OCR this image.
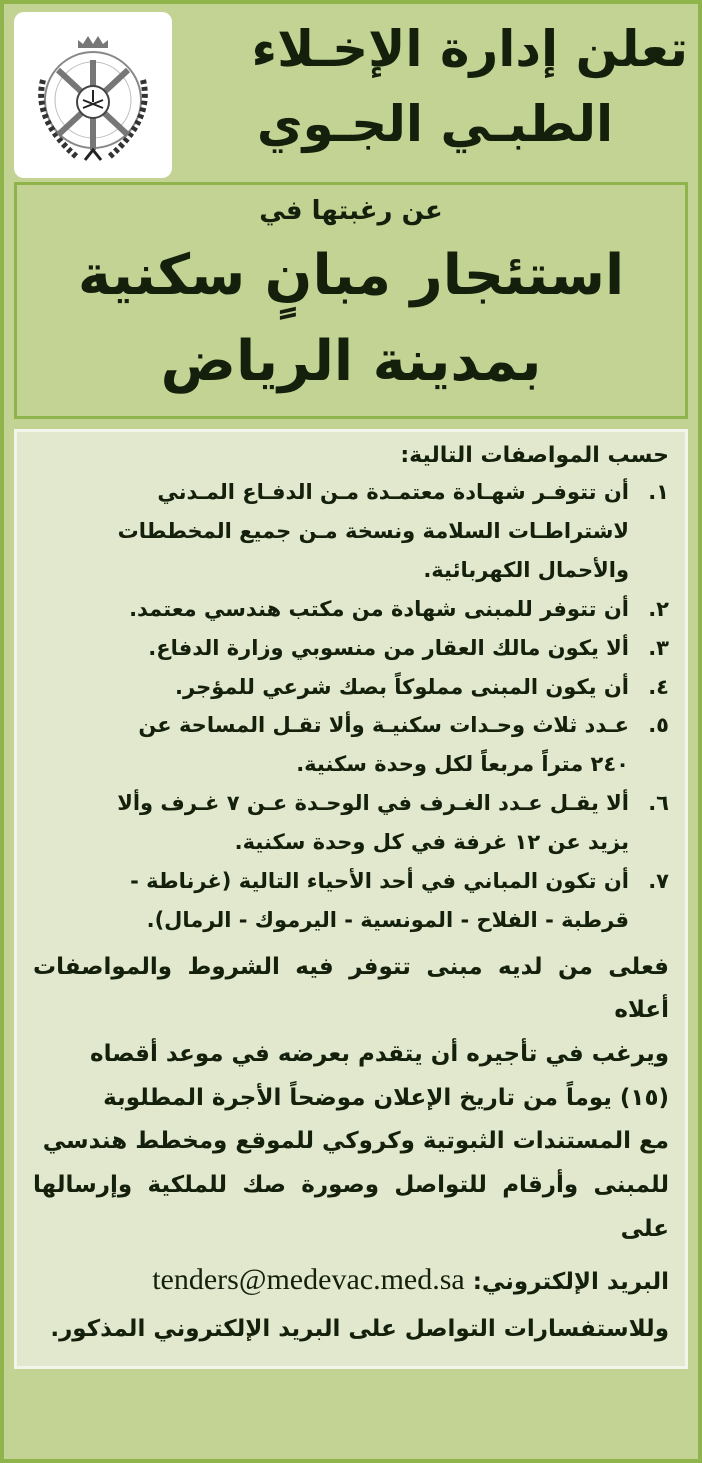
تعلن إدارة الإخـلاء
الطبـي الجـوي
عن رغبتها في
استئجار مبانٍ سكنية
بمدينة الرياض
حسب المواصفات التالية:
١.
أن تتوفـر شهـادة معتمـدة مـن الدفـاع المـدني
لاشتراطـات السلامة ونسخة مـن جميع المخططات
والأحمال الكهربائية.
٢.
أن تتوفر للمبنى شهادة من مكتب هندسي معتمد.
٣.
ألا يكون مالك العقار من منسوبي وزارة الدفاع.
٤.
أن يكون المبنى مملوكاً بصك شرعي للمؤجر.
٥.
عـدد ثلاث وحـدات سكنيـة وألا تقـل المساحة عن
٢٤٠ متراً مربعاً لكل وحدة سكنية.
٦.
ألا يقـل عـدد الغـرف في الوحـدة عـن ٧ غـرف وألا
يزيد عن ١٢ غرفة في كل وحدة سكنية.
٧.
أن تكون المباني في أحد الأحياء التالية (غرناطة -
قرطبة - الفلاح - المونسية - اليرموك - الرمال).
فعلى من لديه مبنى تتوفر فيه الشروط والمواصفات أعلاه
ويرغب في تأجيره أن يتقدم بعرضه في موعد أقصاه
(١٥) يوماً من تاريخ الإعلان موضحاً الأجرة المطلوبة
مع المستندات الثبوتية وكروكي للموقع ومخطط هندسي
للمبنى وأرقام للتواصل وصورة صك للملكية وإرسالها على
البريد الإلكتروني: tenders@medevac.med.sa
وللاستفسارات التواصل على البريد الإلكتروني المذكور.
